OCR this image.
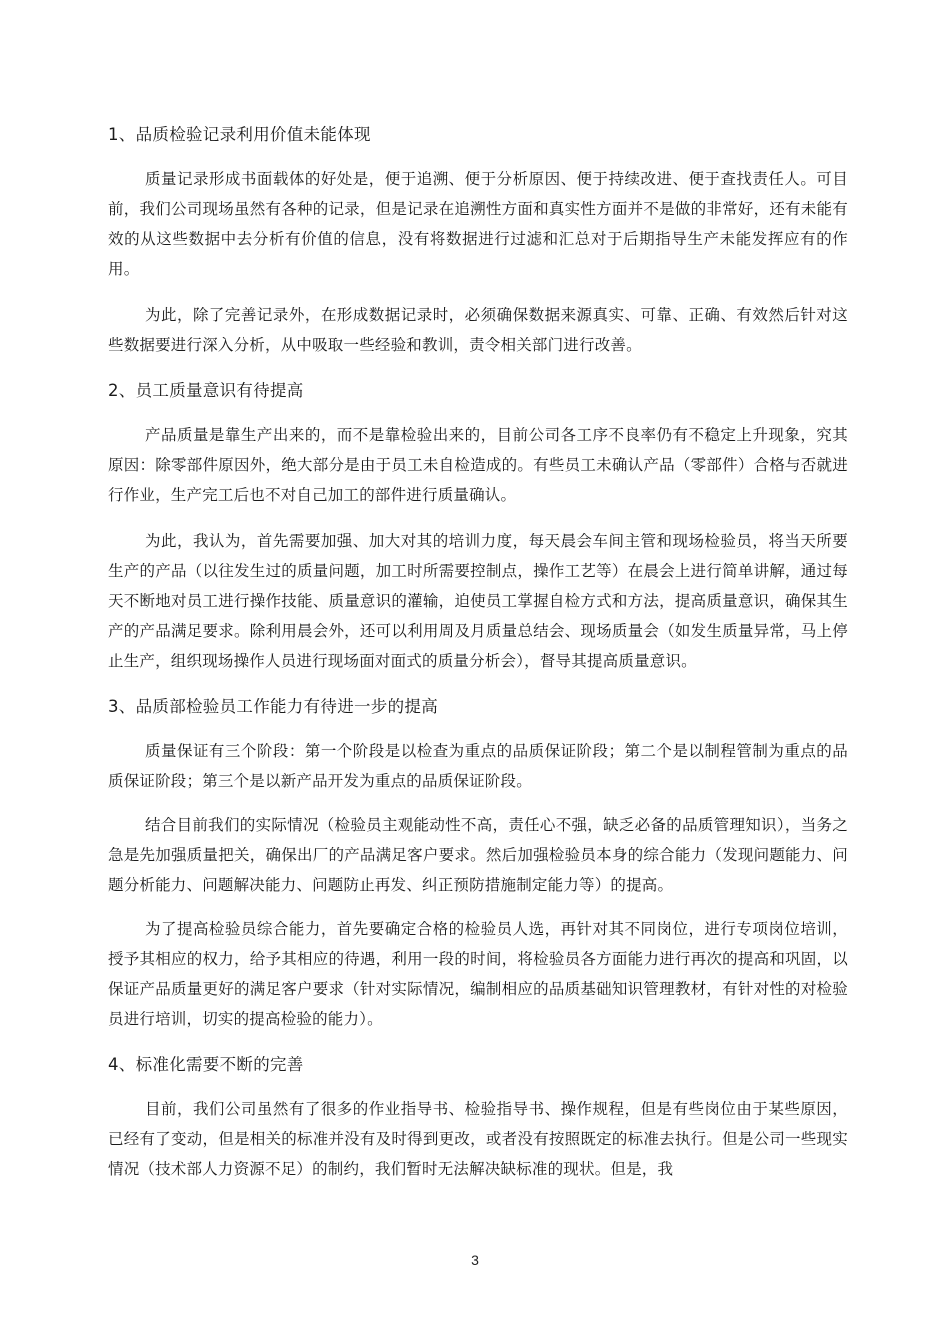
1、品质检验记录利用价值未能体现

质量记录形成书面载体的好处是，便于追溯、便于分析原因、便于持续改进、便于查找责任人。可目前，我们公司现场虽然有各种的记录，但是记录在追溯性方面和真实性方面并不是做的非常好，还有未能有效的从这些数据中去分析有价值的信息，没有将数据进行过滤和汇总对于后期指导生产未能发挥应有的作用。

为此，除了完善记录外，在形成数据记录时，必须确保数据来源真实、可靠、正确、有效然后针对这些数据要进行深入分析，从中吸取一些经验和教训，责令相关部门进行改善。

2、员工质量意识有待提高

产品质量是靠生产出来的，而不是靠检验出来的，目前公司各工序不良率仍有不稳定上升现象，究其原因：除零部件原因外，绝大部分是由于员工未自检造成的。有些员工未确认产品（零部件）合格与否就进行作业，生产完工后也不对自己加工的部件进行质量确认。

为此，我认为，首先需要加强、加大对其的培训力度，每天晨会车间主管和现场检验员，将当天所要生产的产品（以往发生过的质量问题，加工时所需要控制点，操作工艺等）在晨会上进行简单讲解，通过每天不断地对员工进行操作技能、质量意识的灌输，迫使员工掌握自检方式和方法，提高质量意识，确保其生产的产品满足要求。除利用晨会外，还可以利用周及月质量总结会、现场质量会（如发生质量异常，马上停止生产，组织现场操作人员进行现场面对面式的质量分析会），督导其提高质量意识。

3、品质部检验员工作能力有待进一步的提高

质量保证有三个阶段：第一个阶段是以检查为重点的品质保证阶段；第二个是以制程管制为重点的品质保证阶段；第三个是以新产品开发为重点的品质保证阶段。

结合目前我们的实际情况（检验员主观能动性不高，责任心不强，缺乏必备的品质管理知识），当务之急是先加强质量把关，确保出厂的产品满足客户要求。然后加强检验员本身的综合能力（发现问题能力、问题分析能力、问题解决能力、问题防止再发、纠正预防措施制定能力等）的提高。

为了提高检验员综合能力，首先要确定合格的检验员人选，再针对其不同岗位，进行专项岗位培训，授予其相应的权力，给予其相应的待遇，利用一段的时间，将检验员各方面能力进行再次的提高和巩固，以保证产品质量更好的满足客户要求（针对实际情况，编制相应的品质基础知识管理教材，有针对性的对检验员进行培训，切实的提高检验的能力）。

4、标准化需要不断的完善

目前，我们公司虽然有了很多的作业指导书、检验指导书、操作规程，但是有些岗位由于某些原因，已经有了变动，但是相关的标准并没有及时得到更改，或者没有按照既定的标准去执行。但是公司一些现实情况（技术部人力资源不足）的制约，我们暂时无法解决缺标准的现状。但是，我

3
